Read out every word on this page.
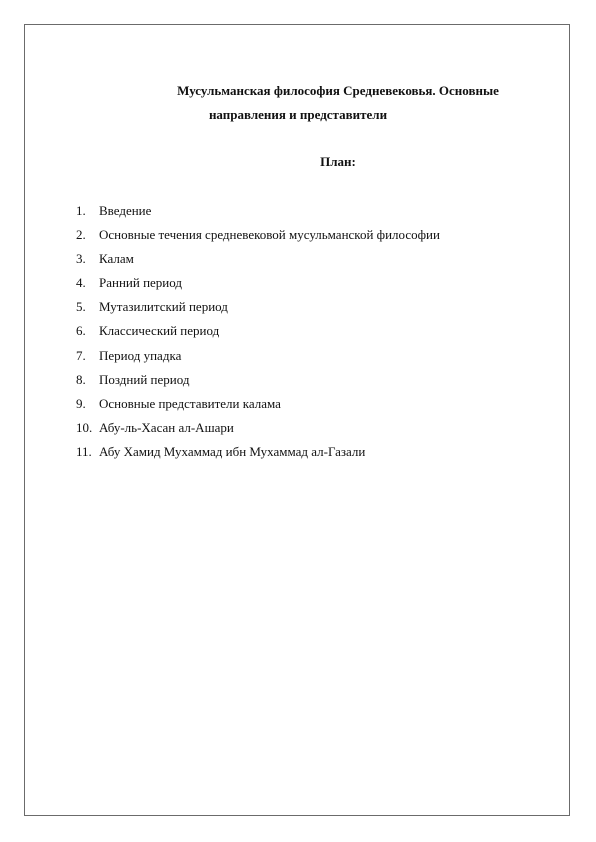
Мусульманская философия Средневековья. Основные

направления и представители

План:

1.	Введение
2.	Основные течения средневековой мусульманской философии
3.	Калам
4.	Ранний период
5.	Мутазилитский период
6.	Классический период
7.	Период упадка
8.	Поздний период
9.	Основные представители калама
10. Абу-ль-Хасан ал-Ашари
11. Абу Хамид Мухаммад ибн Мухаммад ал-Газали
